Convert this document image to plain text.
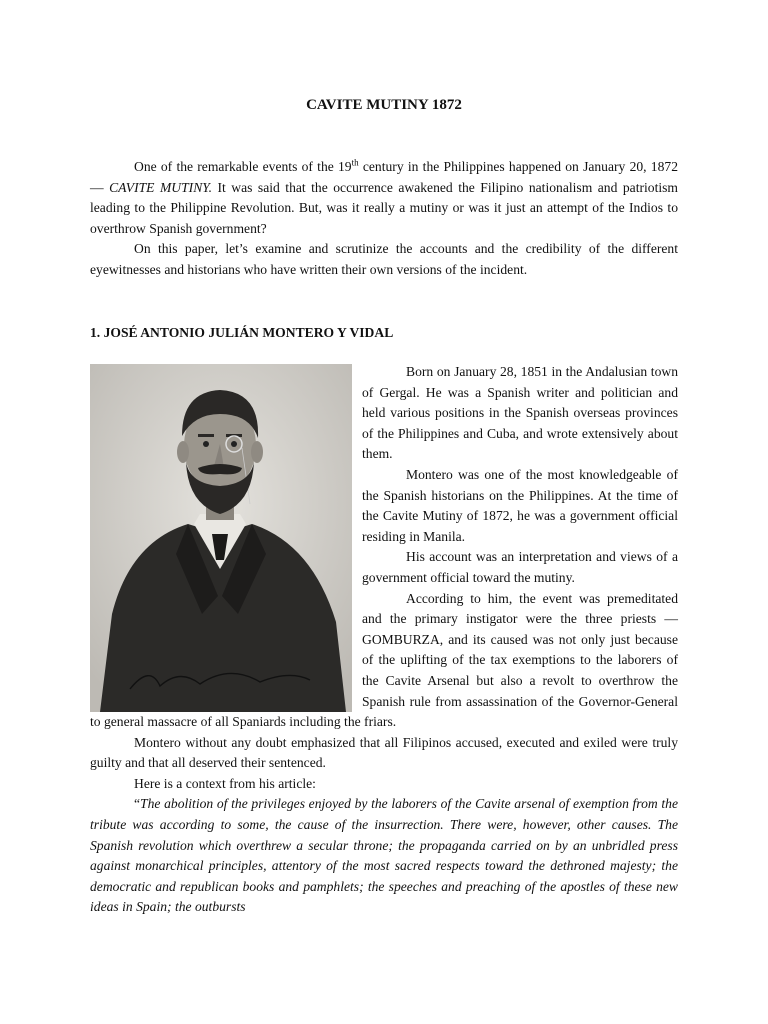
CAVITE MUTINY 1872

One of the remarkable events of the 19th century in the Philippines happened on January 20, 1872 — CAVITE MUTINY. It was said that the occurrence awakened the Filipino nationalism and patriotism leading to the Philippine Revolution. But, was it really a mutiny or was it just an attempt of the Indios to overthrow Spanish government?

On this paper, let’s examine and scrutinize the accounts and the credibility of the different eyewitnesses and historians who have written their own versions of the incident.

1. JOSÉ ANTONIO JULIÁN MONTERO Y VIDAL

Born on January 28, 1851 in the Andalusian town of Gergal. He was a Spanish writer and politician and held various positions in the Spanish overseas provinces of the Philippines and Cuba, and wrote extensively about them.

Montero was one of the most knowledgeable of the Spanish historians on the Philippines. At the time of the Cavite Mutiny of 1872, he was a government official residing in Manila.

His account was an interpretation and views of a government official toward the mutiny.

According to him, the event was premeditated and the primary instigator were the three priests — GOMBURZA, and its caused was not only just because of the uplifting of the tax exemptions to the laborers of the Cavite Arsenal but also a revolt to overthrow the Spanish rule from assassination of the Governor-General to general massacre of all Spaniards including the friars.

Montero without any doubt emphasized that all Filipinos accused, executed and exiled were truly guilty and that all deserved their sentenced.

Here is a context from his article:

“The abolition of the privileges enjoyed by the laborers of the Cavite arsenal of exemption from the tribute was according to some, the cause of the insurrection. There were, however, other causes. The Spanish revolution which overthrew a secular throne; the propaganda carried on by an unbridled press against monarchical principles, attentory of the most sacred respects toward the dethroned majesty; the democratic and republican books and pamphlets; the speeches and preaching of the apostles of these new ideas in Spain; the outbursts
